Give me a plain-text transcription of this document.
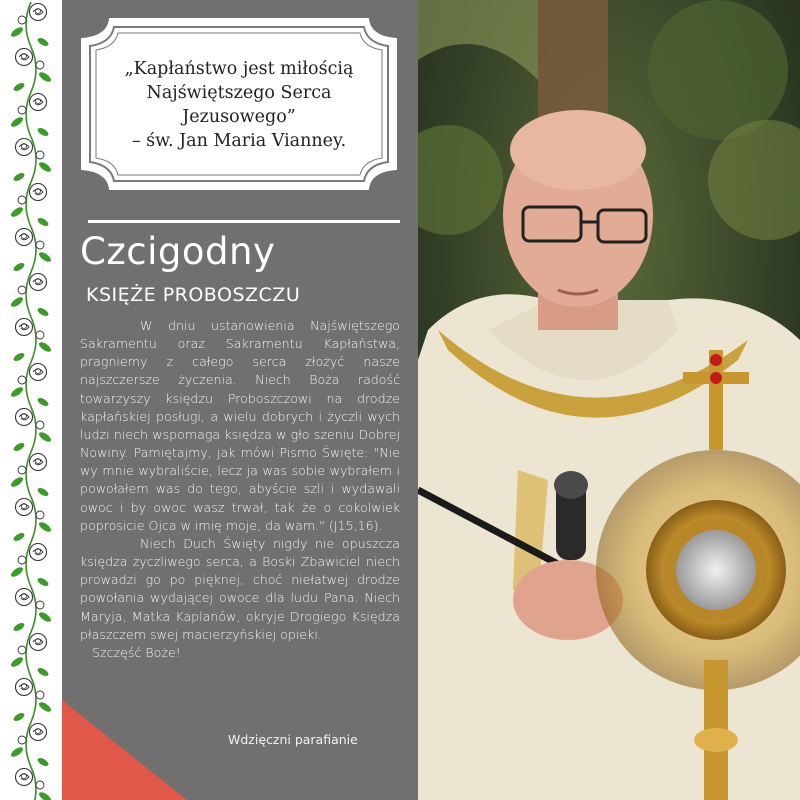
„Kapłaństwo jest miłością
Najświętszego Serca
Jezusowego”
– św. Jan Maria Vianney.
Czcigodny
KSIĘŻE PROBOSZCZU

W dniu ustanowienia Najświętszego Sakramentu oraz Sakramentu Kapłaństwa, pragniemy z całego serca złożyć nasze najszczersze życzenia. Niech Boża radość towarzyszy księdzu Proboszczowi na drodze kapłańskiej posługi, a wielu dobrych i życzli wych ludzi niech wspomaga księdza w gło szeniu Dobrej Nowiny. Pamiętajmy, jak mówi Pismo Święte: "Nie wy mnie wybraliście, lecz ja was sobie wybrałem i powołałem was do tego, abyście szli i wydawali owoc i by owoc wasz trwał, tak że o cokolwiek poprosicie Ojca w imię moje, da wam." (J15,16).

Niech Duch Święty nigdy nie opuszcza księdza życzliwego serca, a Boski Zbawiciel niech prowadzi go po pięknej, choć niełatwej drodze powołania wydającej owoce dla ludu Pana. Niech Maryja, Matka Kaplanów, okryje Drogiego Księdza płaszczem swej macierzyńskiej opieki.

Szczęść Boże!

Wdzięczni parafianie
